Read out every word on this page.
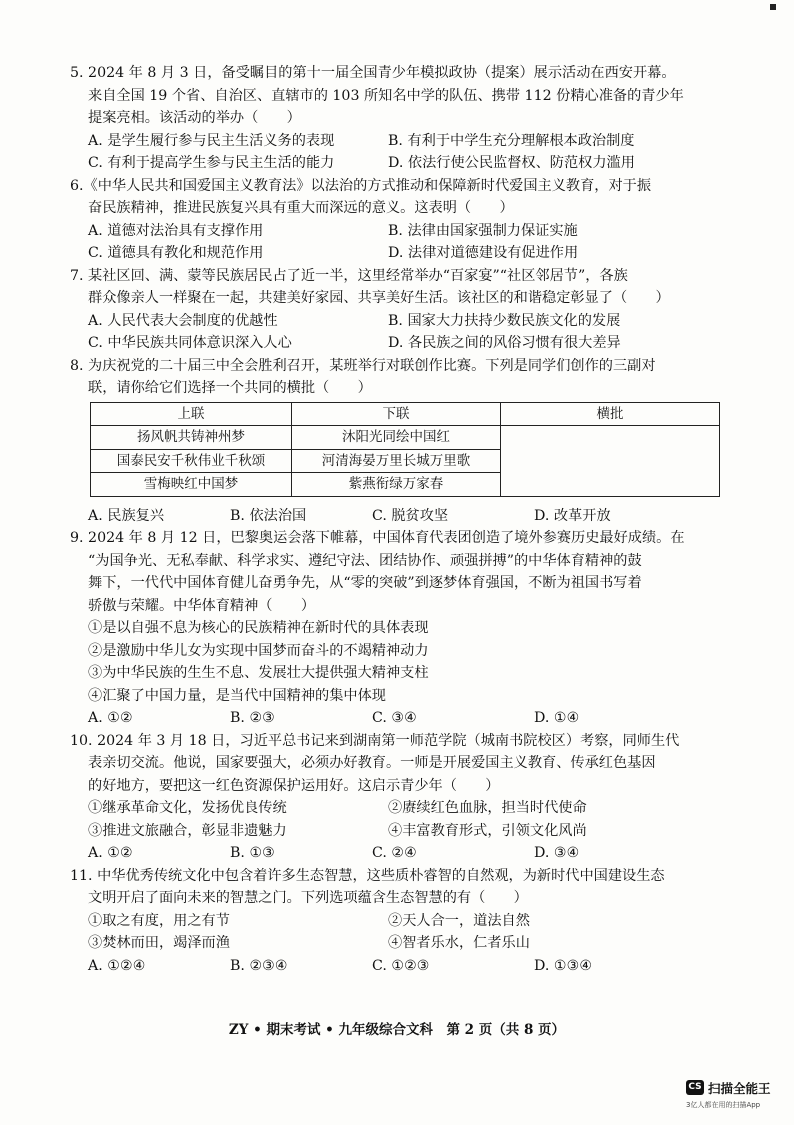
5. 2024 年 8 月 3 日，备受瞩目的第十一届全国青少年模拟政协（提案）展示活动在西安开幕。
来自全国 19 个省、自治区、直辖市的 103 所知名中学的队伍、携带 112 份精心准备的青少年
提案亮相。该活动的举办（　　）
A. 是学生履行参与民主生活义务的表现	B. 有利于中学生充分理解根本政治制度
C. 有利于提高学生参与民主生活的能力	D. 依法行使公民监督权、防范权力滥用
6.《中华人民共和国爱国主义教育法》以法治的方式推动和保障新时代爱国主义教育，对于振
奋民族精神，推进民族复兴具有重大而深远的意义。这表明（　　）
A. 道德对法治具有支撑作用	B. 法律由国家强制力保证实施
C. 道德具有教化和规范作用	D. 法律对道德建设有促进作用
7. 某社区回、满、蒙等民族居民占了近一半，这里经常举办“百家宴”“社区邻居节”，各族
群众像亲人一样聚在一起，共建美好家园、共享美好生活。该社区的和谐稳定彰显了（　　）
A. 人民代表大会制度的优越性	B. 国家大力扶持少数民族文化的发展
C. 中华民族共同体意识深入人心	D. 各民族之间的风俗习惯有很大差异
8. 为庆祝党的二十届三中全会胜利召开，某班举行对联创作比赛。下列是同学们创作的三副对
联，请你给它们选择一个共同的横批（　　）
上联	下联	横批
扬风帆共铸神州梦	沐阳光同绘中国红	
国泰民安千秋伟业千秋颂	河清海晏万里长城万里歌	
雪梅映红中国梦	紫燕衔绿万家春	
A. 民族复兴	B. 依法治国	C. 脱贫攻坚	D. 改革开放
9. 2024 年 8 月 12 日，巴黎奥运会落下帷幕，中国体育代表团创造了境外参赛历史最好成绩。在
“为国争光、无私奉献、科学求实、遵纪守法、团结协作、顽强拼搏”的中华体育精神的鼓
舞下，一代代中国体育健儿奋勇争先，从“零的突破”到逐梦体育强国，不断为祖国书写着
骄傲与荣耀。中华体育精神（　　）
①是以自强不息为核心的民族精神在新时代的具体表现
②是激励中华儿女为实现中国梦而奋斗的不竭精神动力
③为中华民族的生生不息、发展壮大提供强大精神支柱
④汇聚了中国力量，是当代中国精神的集中体现
A. ①②	B. ②③	C. ③④	D. ①④
10. 2024 年 3 月 18 日，习近平总书记来到湖南第一师范学院（城南书院校区）考察，同师生代
表亲切交流。他说，国家要强大，必须办好教育。一师是开展爱国主义教育、传承红色基因
的好地方，要把这一红色资源保护运用好。这启示青少年（　　）
①继承革命文化，发扬优良传统	②赓续红色血脉，担当时代使命
③推进文旅融合，彰显非遗魅力	④丰富教育形式，引领文化风尚
A. ①②	B. ①③	C. ②④	D. ③④
11. 中华优秀传统文化中包含着许多生态智慧，这些质朴睿智的自然观，为新时代中国建设生态
文明开启了面向未来的智慧之门。下列选项蕴含生态智慧的有（　　）
①取之有度，用之有节	②天人合一，道法自然
③焚林而田，竭泽而渔	④智者乐水，仁者乐山
A. ①②④	B. ②③④	C. ①②③	D. ①③④
ZY • 期末考试 • 九年级综合文科　第 2 页（共 8 页）
CS 扫描全能王
3亿人都在用的扫描App
